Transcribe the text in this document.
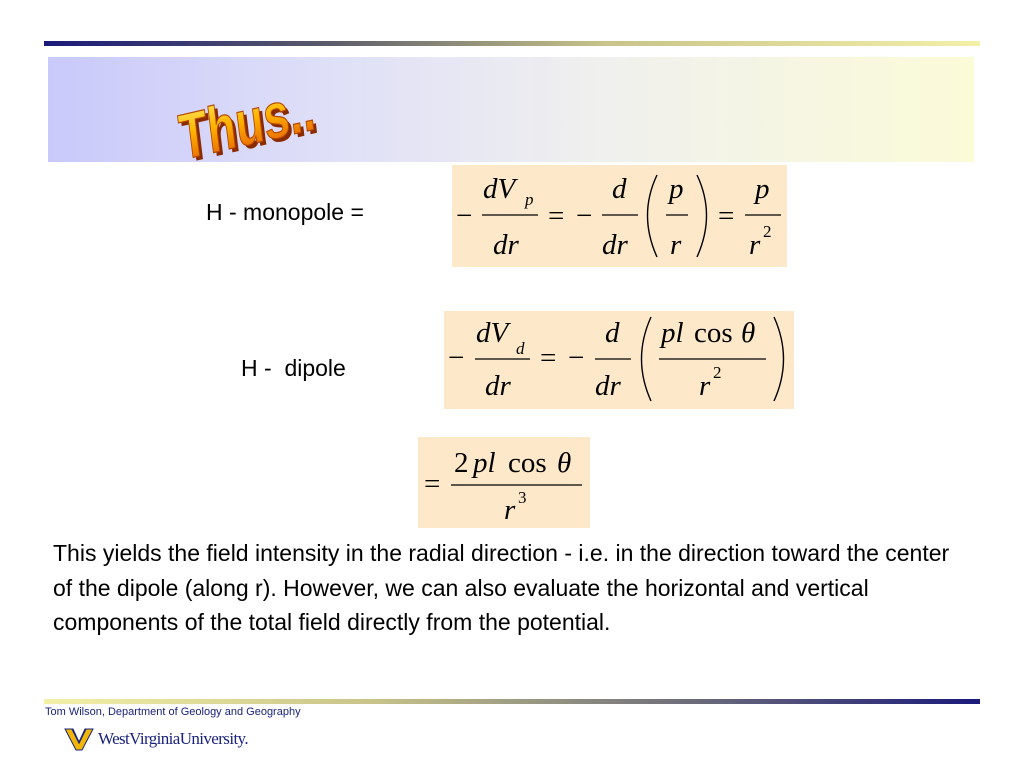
Thus..
Thus..
H - monopole =	−
dV p
dr
= −
d
dr
p
r
=
p
r 2
H -  dipole	−
dV d
dr
= −
d
dr
pl cos θ
r 2
=
2 pl cos θ
r 3
This yields the field intensity in the radial direction - i.e. in the direction toward the center of the dipole (along r). However, we can also evaluate the horizontal and vertical components of the total field directly from the potential.
Tom Wilson, Department of Geology and Geography
WestVirginiaUniversity.
